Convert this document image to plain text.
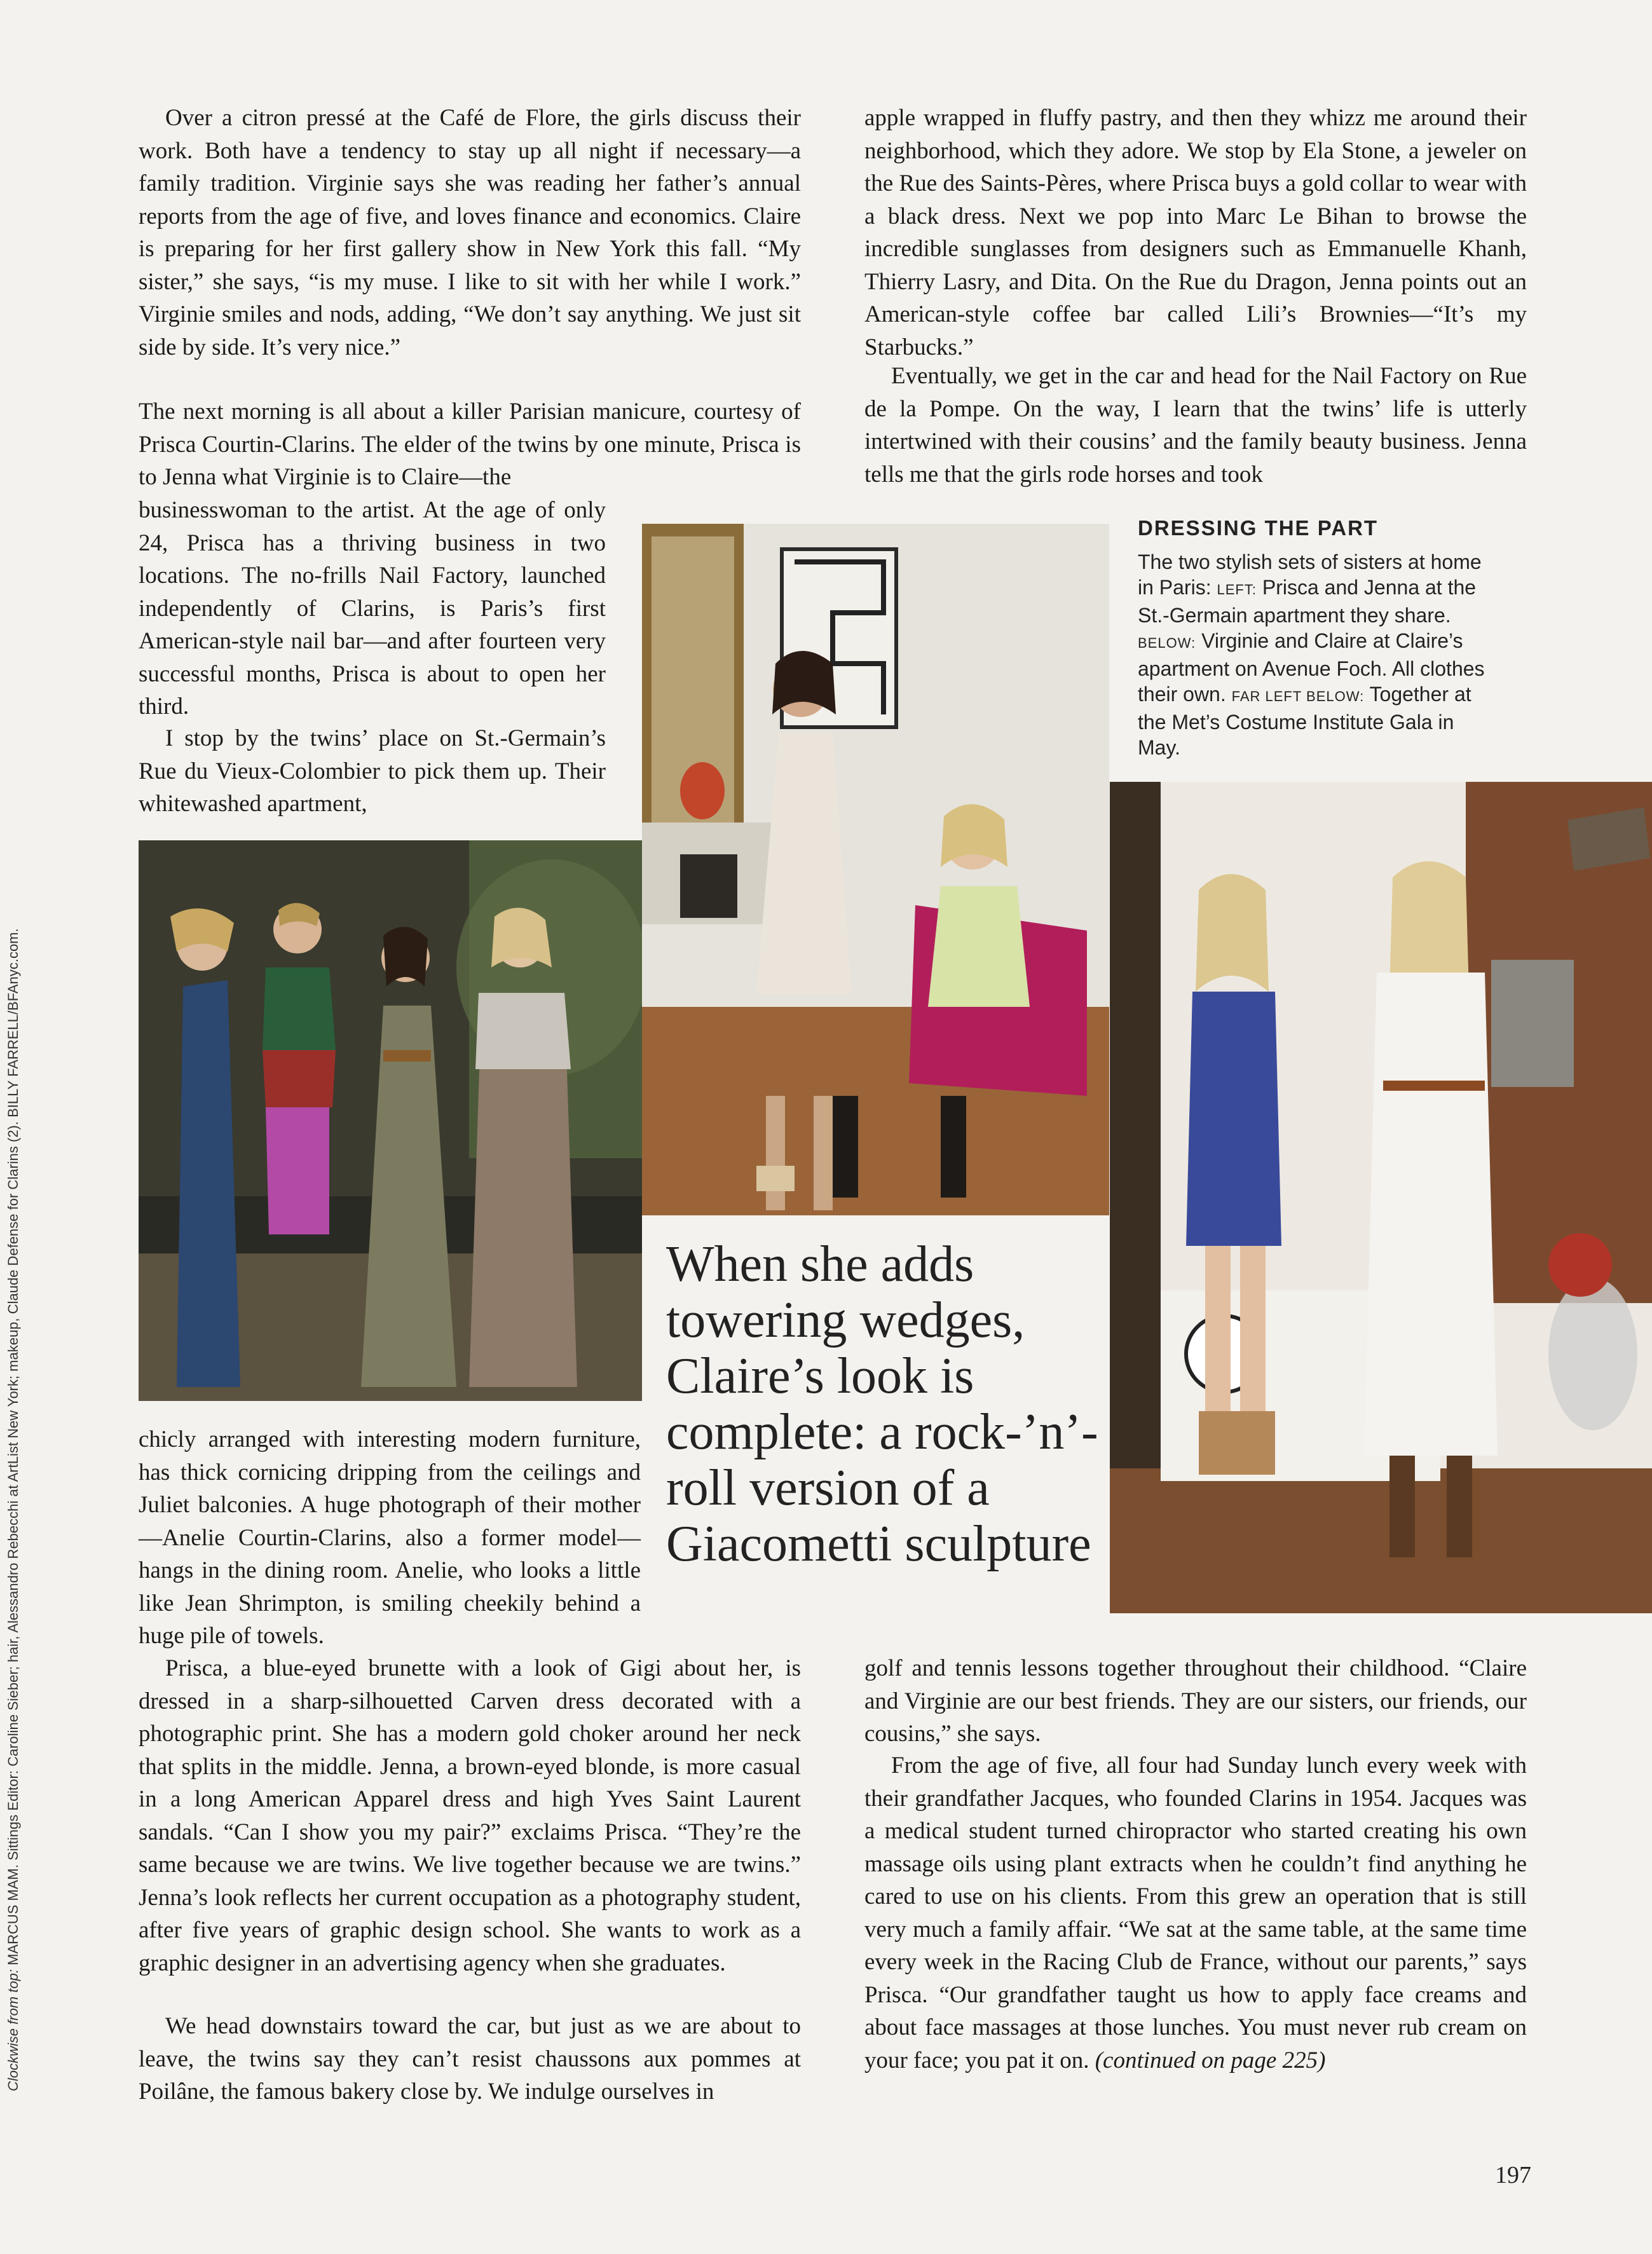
Over a citron pressé at the Café de Flore, the girls discuss their work. Both have a tendency to stay up all night if necessary—a family tradition. Virginie says she was reading her father’s annual reports from the age of five, and loves finance and economics. Claire is preparing for her first gallery show in New York this fall. “My sister,” she says, “is my muse. I like to sit with her while I work.” Virginie smiles and nods, adding, “We don’t say anything. We just sit side by side. It’s very nice.”

The next morning is all about a killer Parisian manicure, courtesy of Prisca Courtin-Clarins. The elder of the twins by one minute, Prisca is to Jenna what Virginie is to Claire—the

businesswoman to the artist. At the age of only 24, Prisca has a thriving business in two locations. The no-frills Nail Factory, launched independently of Clarins, is Paris’s first American-style nail bar—and after fourteen very successful months, Prisca is about to open her third.

I stop by the twins’ place on St.-Germain’s Rue du Vieux-Colombier to pick them up. Their whitewashed apartment,

chicly arranged with interesting modern furniture, has thick cornicing dripping from the ceilings and Juliet balconies. A huge photograph of their mother—Anelie Courtin-Clarins, also a former model—hangs in the dining room. Anelie, who looks a little like Jean Shrimpton, is smiling cheekily behind a huge pile of towels.

Prisca, a blue-eyed brunette with a look of Gigi about her, is dressed in a sharp-silhouetted Carven dress decorated with a photographic print. She has a modern gold choker around her neck that splits in the middle. Jenna, a brown-eyed blonde, is more casual in a long American Apparel dress and high Yves Saint Laurent sandals. “Can I show you my pair?” exclaims Prisca. “They’re the same because we are twins. We live together because we are twins.” Jenna’s look reflects her current occupation as a photography student, after five years of graphic design school. She wants to work as a graphic designer in an advertising agency when she graduates.

We head downstairs toward the car, but just as we are about to leave, the twins say they can’t resist chaussons aux pommes at Poilâne, the famous bakery close by. We indulge ourselves in

apple wrapped in fluffy pastry, and then they whizz me around their neighborhood, which they adore. We stop by Ela Stone, a jeweler on the Rue des Saints-Pères, where Prisca buys a gold collar to wear with a black dress. Next we pop into Marc Le Bihan to browse the incredible sunglasses from designers such as Emmanuelle Khanh, Thierry Lasry, and Dita. On the Rue du Dragon, Jenna points out an American-style coffee bar called Lili’s Brownies—“It’s my Starbucks.”

Eventually, we get in the car and head for the Nail Factory on Rue de la Pompe. On the way, I learn that the twins’ life is utterly intertwined with their cousins’ and the family beauty business. Jenna tells me that the girls rode horses and took

DRESSING THE PART

The two stylish sets of sisters at home in Paris: LEFT: Prisca and Jenna at the St.-Germain apartment they share. BELOW: Virginie and Claire at Claire’s apartment on Avenue Foch. All clothes their own. FAR LEFT BELOW: Together at the Met’s Costume Institute Gala in May.

When she adds towering wedges, Claire’s look is complete: a rock-’n’-roll version of a Giacometti sculpture

golf and tennis lessons together throughout their childhood. “Claire and Virginie are our best friends. They are our sisters, our friends, our cousins,” she says.

From the age of five, all four had Sunday lunch every week with their grandfather Jacques, who founded Clarins in 1954. Jacques was a medical student turned chiropractor who started creating his own massage oils using plant extracts when he couldn’t find anything he cared to use on his clients. From this grew an operation that is still very much a family affair. “We sat at the same table, at the same time every week in the Racing Club de France, without our parents,” says Prisca. “Our grandfather taught us how to apply face creams and about face massages at those lunches. You must never rub cream on your face; you pat it on. (continued on page 225)

Clockwise from top: MARCUS MAM. Sittings Editor: Caroline Sieber; hair, Alessandro Rebecchi at ArtList New York; makeup, Claude Defense for Clarins (2). BILLY FARRELL/BFAnyc.com.
197
